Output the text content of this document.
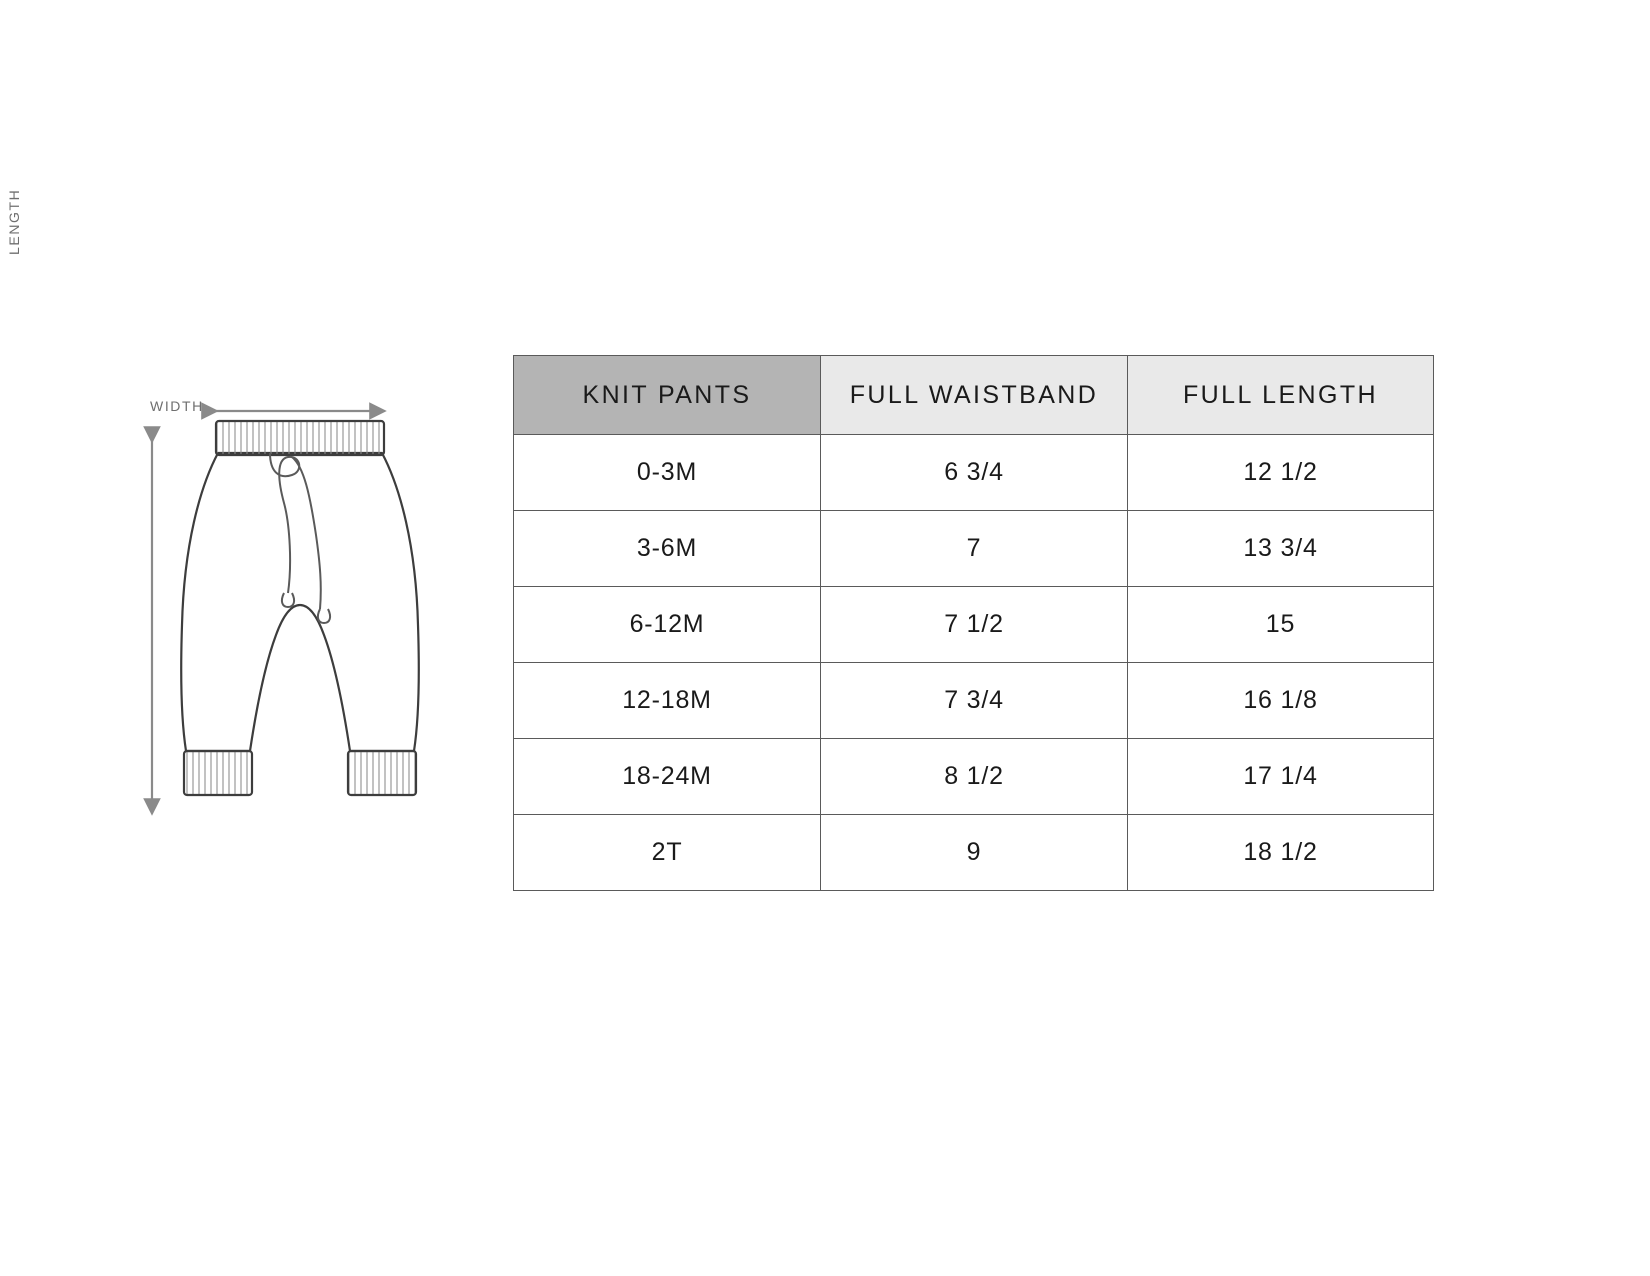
WIDTH
LENGTH
KNIT PANTS	FULL WAISTBAND	FULL LENGTH
0-3M	6 3/4	12 1/2
3-6M	7	13 3/4
6-12M	7 1/2	15
12-18M	7 3/4	16 1/8
18-24M	8 1/2	17 1/4
2T	9	18 1/2
